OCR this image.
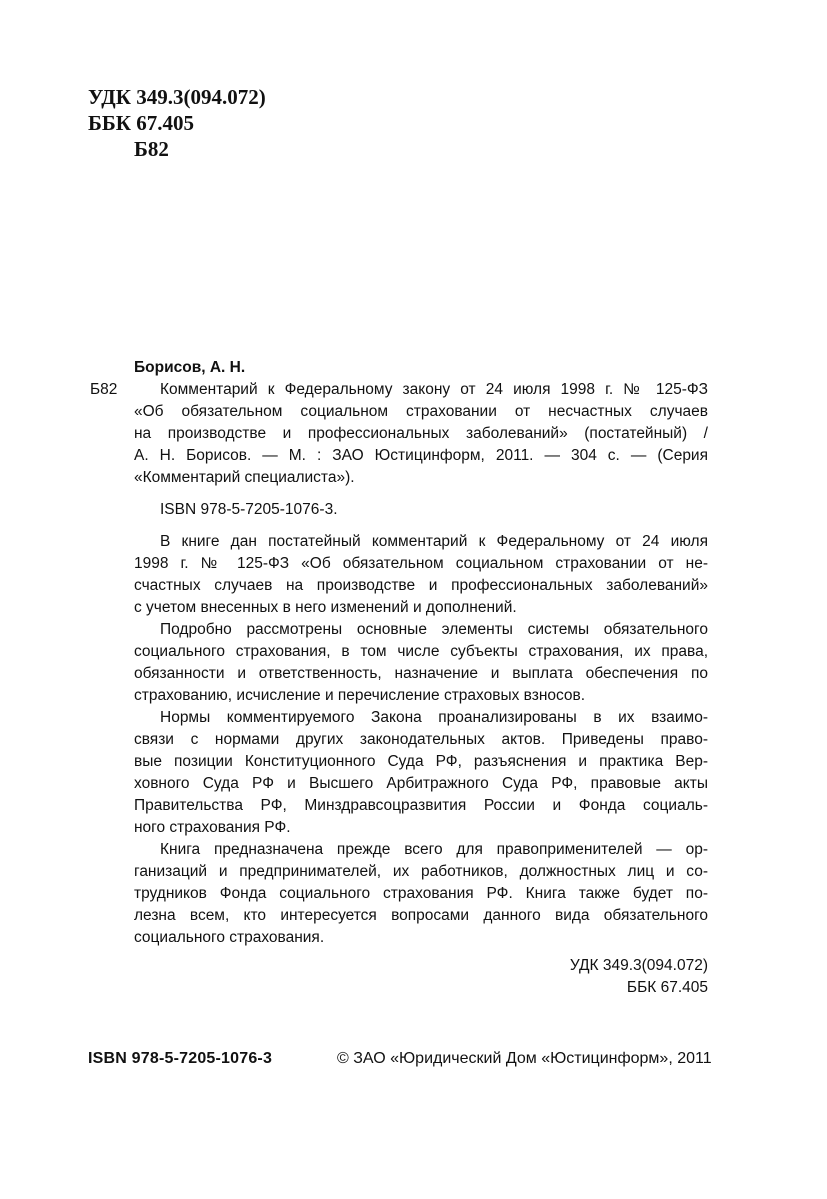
УДК 349.3(094.072)

ББК 67.405

Б82

Борисов, А. Н.

Б82	Комментарий к Федеральному закону от 24 июля 1998 г. № 125-ФЗ

«Об обязательном социальном страховании от несчастных случаев

на производстве и профессиональных заболеваний» (постатейный) /

А. Н. Борисов. — М. : ЗАО Юстицинформ, 2011. — 304 с. — (Серия

«Комментарий специалиста»).

ISBN 978-5-7205-1076-3.

В книге дан постатейный комментарий к Федеральному от 24 июля

1998 г. № 125-ФЗ «Об обязательном социальном страховании от не-

счастных случаев на производстве и профессиональных заболеваний»

с учетом внесенных в него изменений и дополнений.

Подробно рассмотрены основные элементы системы обязательного

социального страхования, в том числе субъекты страхования, их права,

обязанности и ответственность, назначение и выплата обеспечения по

страхованию, исчисление и перечисление страховых взносов.

Нормы комментируемого Закона проанализированы в их взаимо-

связи с нормами других законодательных актов. Приведены право-

вые позиции Конституционного Суда РФ, разъяснения и практика Вер-

ховного Суда РФ и Высшего Арбитражного Суда РФ, правовые акты

Правительства РФ, Минздравсоцразвития России и Фонда социаль-

ного страхования РФ.

Книга предназначена прежде всего для правоприменителей — ор-

ганизаций и предпринимателей, их работников, должностных лиц и со-

трудников Фонда социального страхования РФ. Книга также будет по-

лезна всем, кто интересуется вопросами данного вида обязательного

социального страхования.

УДК 349.3(094.072)

ББК 67.405

ISBN 978-5-7205-1076-3	© ЗАО «Юридический Дом «Юстицинформ», 2011
